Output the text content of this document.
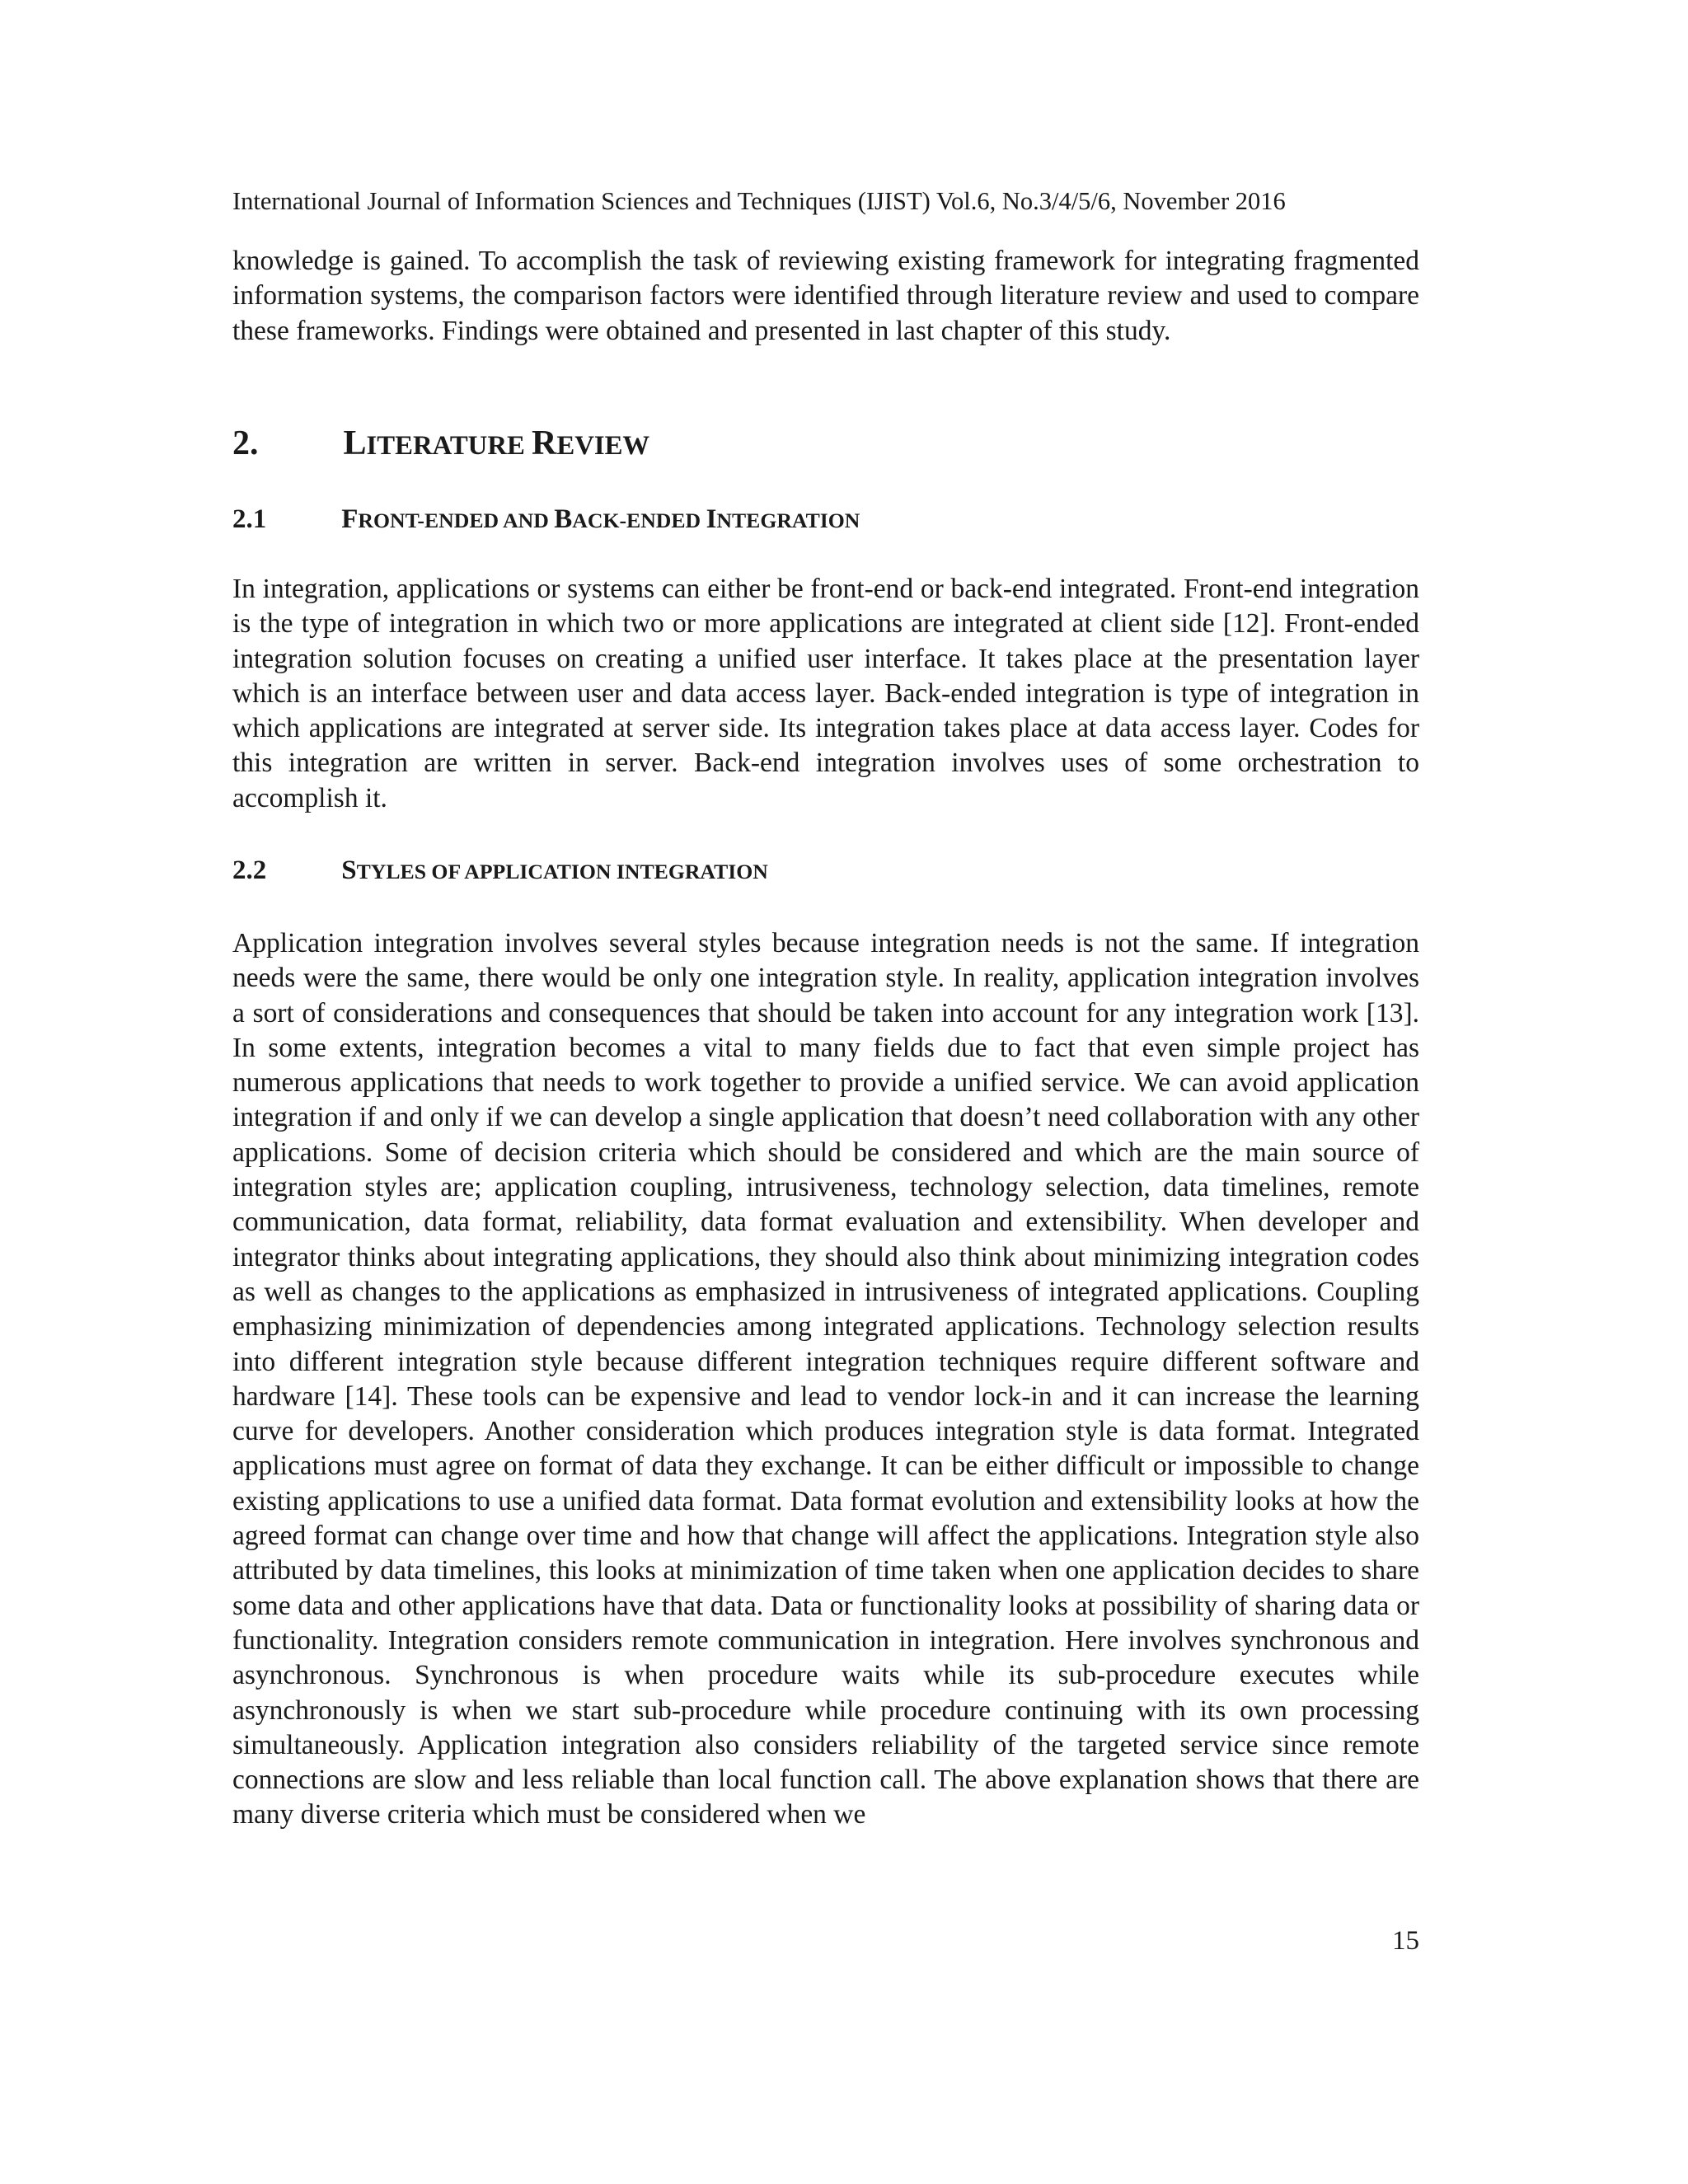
International Journal of Information Sciences and Techniques (IJIST) Vol.6, No.3/4/5/6, November 2016

knowledge is gained. To accomplish the task of reviewing existing framework for integrating fragmented information systems, the comparison factors were identified through literature review and used to compare these frameworks. Findings were obtained and presented in last chapter of this study.

2. LITERATURE REVIEW
2.1	FRONT-ENDED AND BACK-ENDED INTEGRATION

In integration, applications or systems can either be front-end or back-end integrated. Front-end integration is the type of integration in which two or more applications are integrated at client side [12]. Front-ended integration solution focuses on creating a unified user interface. It takes place at the presentation layer which is an interface between user and data access layer. Back-ended integration is type of integration in which applications are integrated at server side. Its integration takes place at data access layer. Codes for this integration are written in server. Back-end integration involves uses of some orchestration to accomplish it.

2.2	STYLES OF APPLICATION INTEGRATION

Application integration involves several styles because integration needs is not the same. If integration needs were the same, there would be only one integration style. In reality, application integration involves a sort of considerations and consequences that should be taken into account for any integration work [13]. In some extents, integration becomes a vital to many fields due to fact that even simple project has numerous applications that needs to work together to provide a unified service. We can avoid application integration if and only if we can develop a single application that doesn’t need collaboration with any other applications. Some of decision criteria which should be considered and which are the main source of integration styles are; application coupling, intrusiveness, technology selection, data timelines, remote communication, data format, reliability, data format evaluation and extensibility. When developer and integrator thinks about integrating applications, they should also think about minimizing integration codes as well as changes to the applications as emphasized in intrusiveness of integrated applications. Coupling emphasizing minimization of dependencies among integrated applications. Technology selection results into different integration style because different integration techniques require different software and hardware [14]. These tools can be expensive and lead to vendor lock-in and it can increase the learning curve for developers. Another consideration which produces integration style is data format. Integrated applications must agree on format of data they exchange. It can be either difficult or impossible to change existing applications to use a unified data format. Data format evolution and extensibility looks at how the agreed format can change over time and how that change will affect the applications. Integration style also attributed by data timelines, this looks at minimization of time taken when one application decides to share some data and other applications have that data. Data or functionality looks at possibility of sharing data or functionality. Integration considers remote communication in integration. Here involves synchronous and asynchronous. Synchronous is when procedure waits while its sub-procedure executes while asynchronously is when we start sub-procedure while procedure continuing with its own processing simultaneously. Application integration also considers reliability of the targeted service since remote connections are slow and less reliable than local function call. The above explanation shows that there are many diverse criteria which must be considered when we

15
